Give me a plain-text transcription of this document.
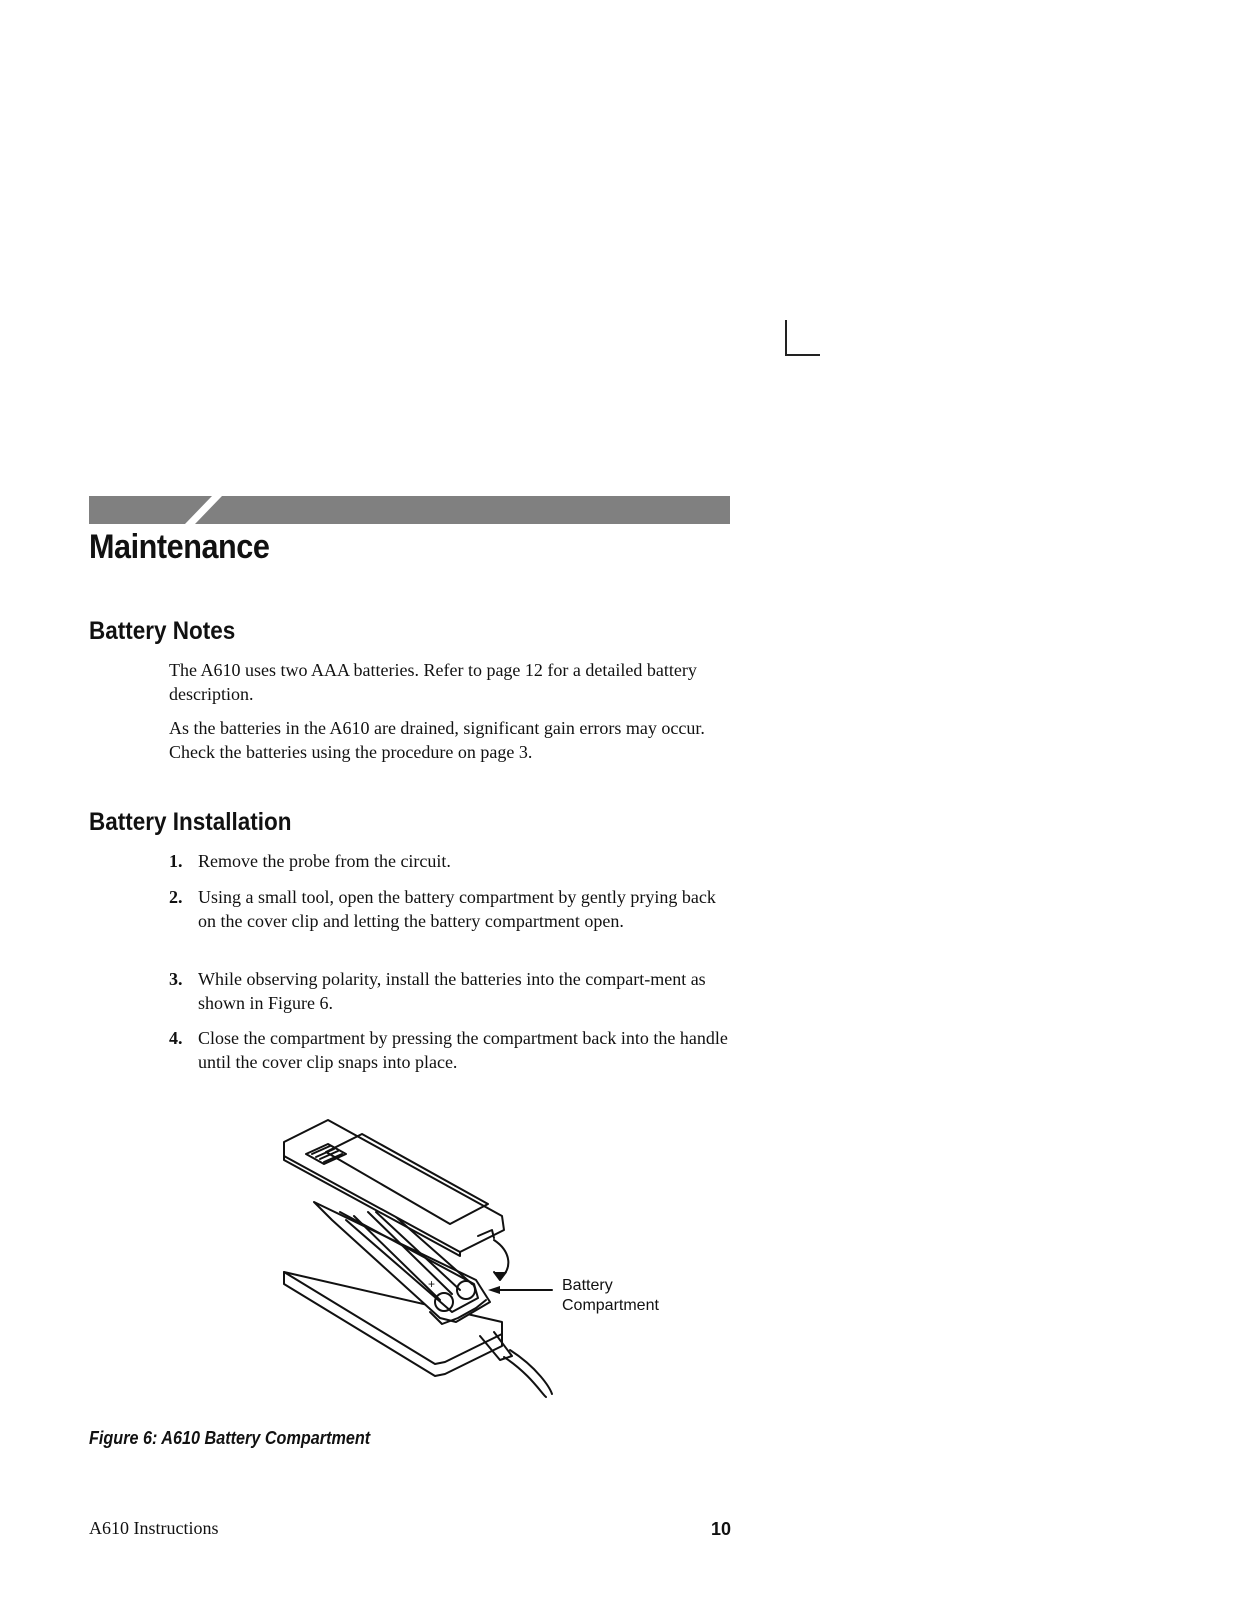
Maintenance
Battery Notes

The A610 uses two AAA batteries. Refer to page 12 for a detailed battery description.

As the batteries in the A610 are drained, significant gain errors may occur. Check the batteries using the procedure on page 3.

Battery Installation
1. Remove the probe from the circuit.
2. Using a small tool, open the battery compartment by gently prying back on the cover clip and letting the battery compartment open.
3. While observing polarity, install the batteries into the compart-ment as shown in Figure 6.
4. Close the compartment by pressing the compartment back into the handle until the cover clip snaps into place.
+	Battery
Compartment

Figure 6: A610 Battery Compartment

A610 Instructions	10
